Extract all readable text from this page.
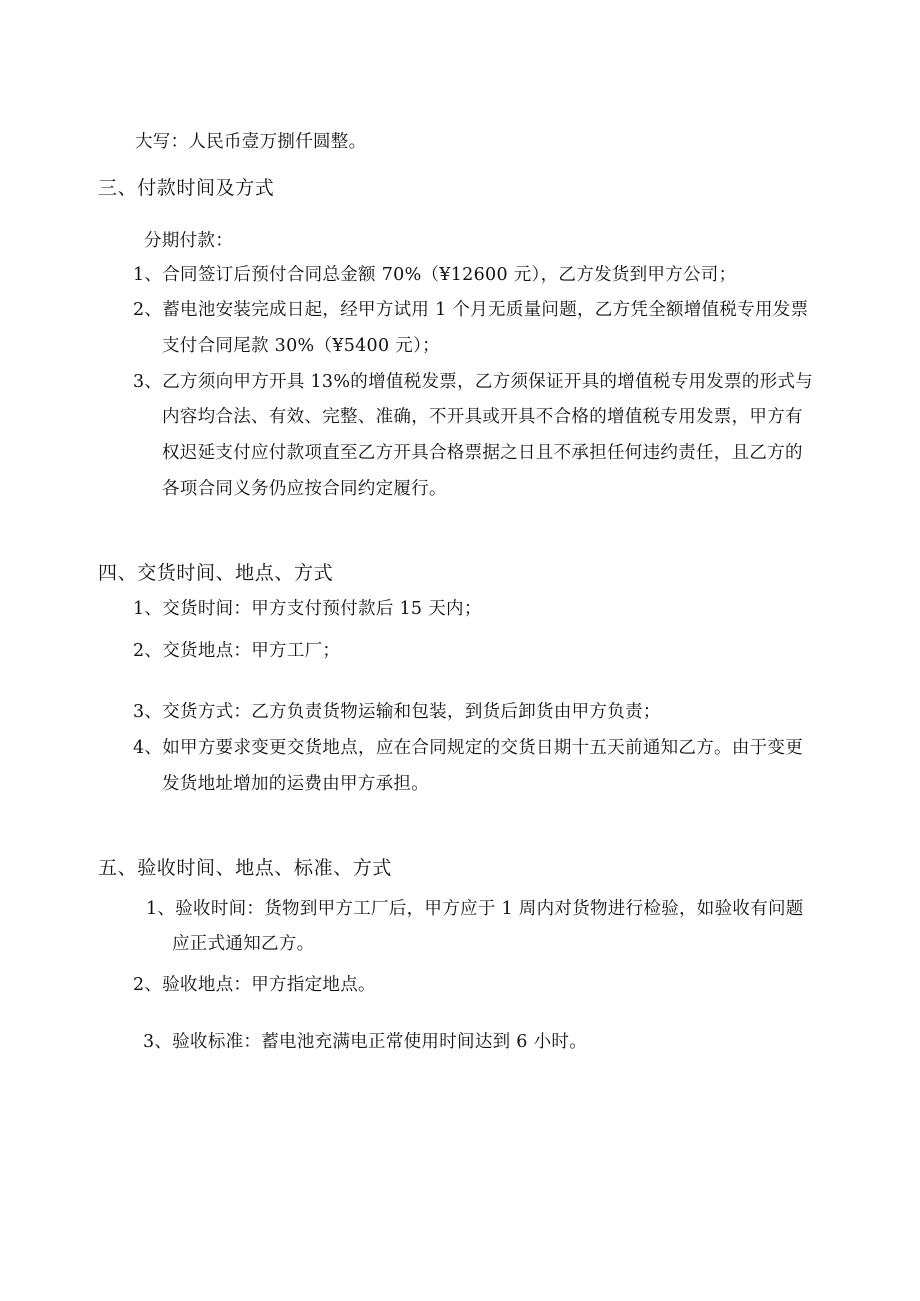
大写：人民币壹万捌仟圆整。
三、付款时间及方式
分期付款：
1、合同签订后预付合同总金额 70%（¥12600 元），乙方发货到甲方公司；
2、蓄电池安装完成日起，经甲方试用 1 个月无质量问题，乙方凭全额增值税专用发票
支付合同尾款 30%（¥5400 元）；
3、乙方须向甲方开具 13%的增值税发票，乙方须保证开具的增值税专用发票的形式与
内容均合法、有效、完整、准确，不开具或开具不合格的增值税专用发票，甲方有
权迟延支付应付款项直至乙方开具合格票据之日且不承担任何违约责任，且乙方的
各项合同义务仍应按合同约定履行。
四、交货时间、地点、方式
1、交货时间：甲方支付预付款后 15 天内；
2、交货地点：甲方工厂；
3、交货方式：乙方负责货物运输和包装，到货后卸货由甲方负责；
4、如甲方要求变更交货地点，应在合同规定的交货日期十五天前通知乙方。由于变更
发货地址增加的运费由甲方承担。
五、验收时间、地点、标准、方式
1、验收时间：货物到甲方工厂后，甲方应于 1 周内对货物进行检验，如验收有问题
应正式通知乙方。
2、验收地点：甲方指定地点。
3、验收标准：蓄电池充满电正常使用时间达到 6 小时。
